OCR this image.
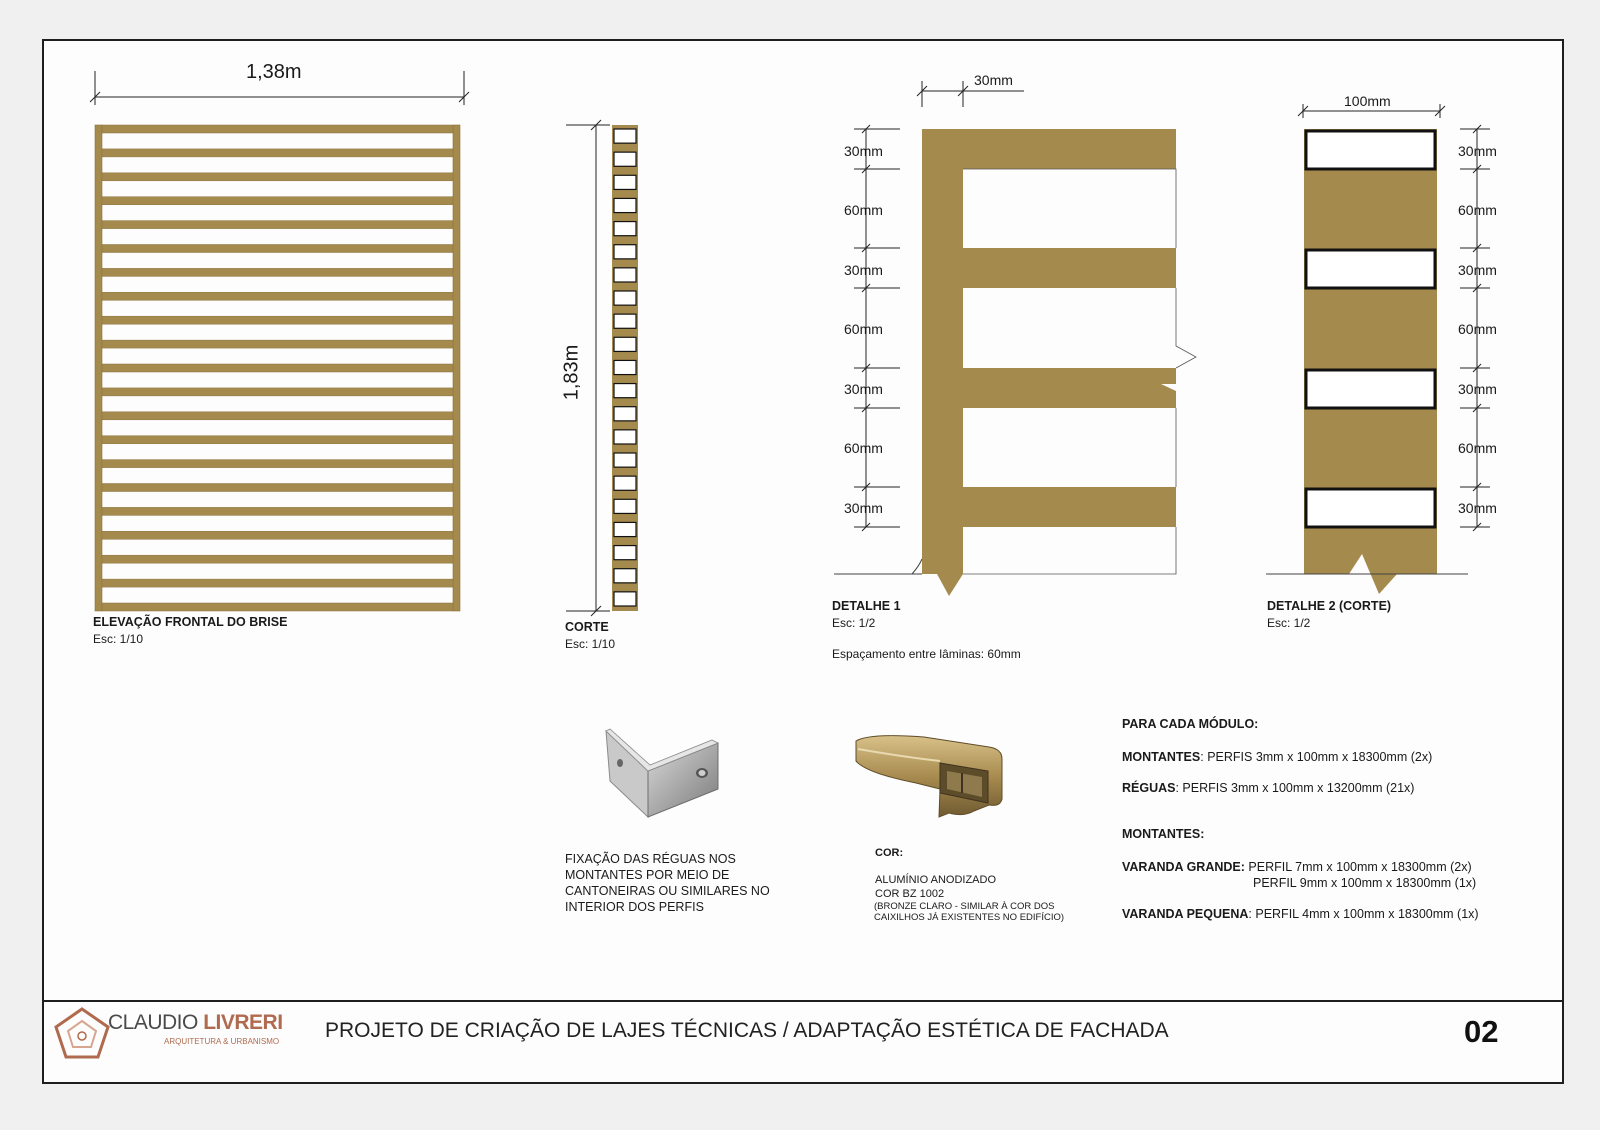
1,38m

ELEVAÇÃO FRONTAL DO BRISE

Esc: 1/10

1,83m

CORTE

Esc: 1/10

30mm

30mm

60mm

30mm

60mm

30mm

60mm

30mm

DETALHE 1

Esc: 1/2

Espaçamento entre lâminas: 60mm

100mm

30mm

60mm

30mm

60mm

30mm

60mm

30mm

DETALHE 2 (CORTE)

Esc: 1/2

FIXAÇÃO DAS RÉGUAS NOS
MONTANTES POR MEIO DE
CANTONEIRAS OU SIMILARES NO
INTERIOR DOS PERFIS

COR:

ALUMÍNIO ANODIZADO
COR BZ 1002
(BRONZE CLARO - SIMILAR À COR DOS
CAIXILHOS JÁ EXISTENTES NO EDIFÍCIO)

PARA CADA MÓDULO:

MONTANTES: PERFIS 3mm x 100mm x 18300mm (2x)

RÉGUAS: PERFIS 3mm x 100mm x 13200mm (21x)

MONTANTES:

VARANDA GRANDE: PERFIL 7mm x 100mm x 18300mm (2x)

PERFIL 9mm x 100mm x 18300mm (1x)

VARANDA PEQUENA: PERFIL 4mm x 100mm x 18300mm (1x)

CLAUDIO LIVRERI

ARQUITETURA & URBANISMO PROJETO DE CRIAÇÃO DE LAJES TÉCNICAS / ADAPTAÇÃO ESTÉTICA DE FACHADA	02
